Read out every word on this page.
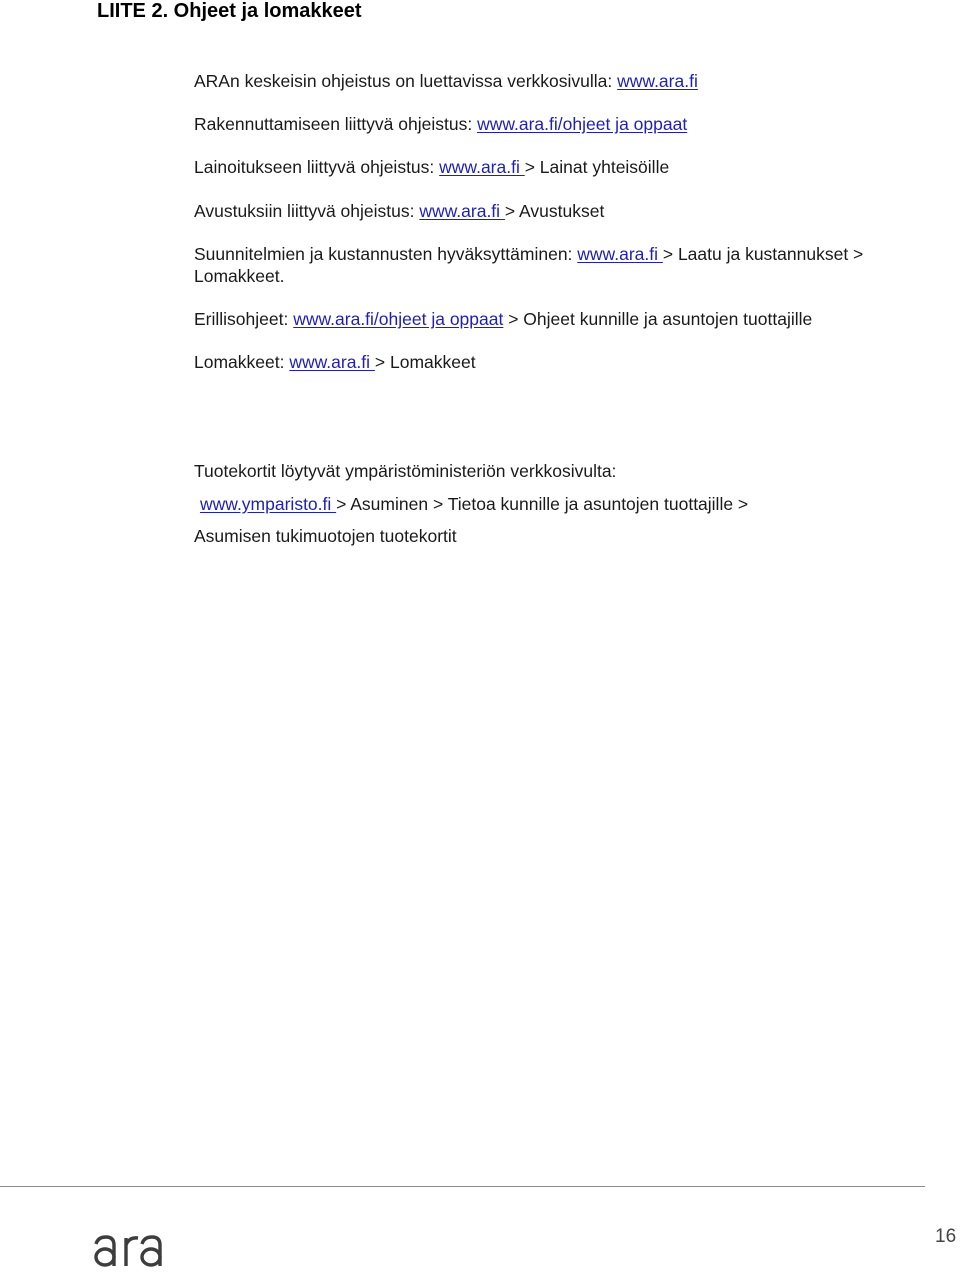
LIITE 2. Ohjeet ja lomakkeet
ARAn keskeisin ohjeistus on luettavissa verkkosivulla: www.ara.fi
Rakennuttamiseen liittyvä ohjeistus: www.ara.fi/ohjeet ja oppaat
Lainoitukseen liittyvä ohjeistus: www.ara.fi > Lainat yhteisöille
Avustuksiin liittyvä ohjeistus: www.ara.fi > Avustukset
Suunnitelmien ja kustannusten hyväksyttäminen: www.ara.fi > Laatu ja kustannukset >
Lomakkeet.
Erillisohjeet: www.ara.fi/ohjeet ja oppaat > Ohjeet kunnille ja asuntojen tuottajille
Lomakkeet: www.ara.fi > Lomakkeet
Tuotekortit löytyvät ympäristöministeriön verkkosivulta:
www.ymparisto.fi > Asuminen > Tietoa kunnille ja asuntojen tuottajille >
Asumisen tukimuotojen tuotekortit
16
